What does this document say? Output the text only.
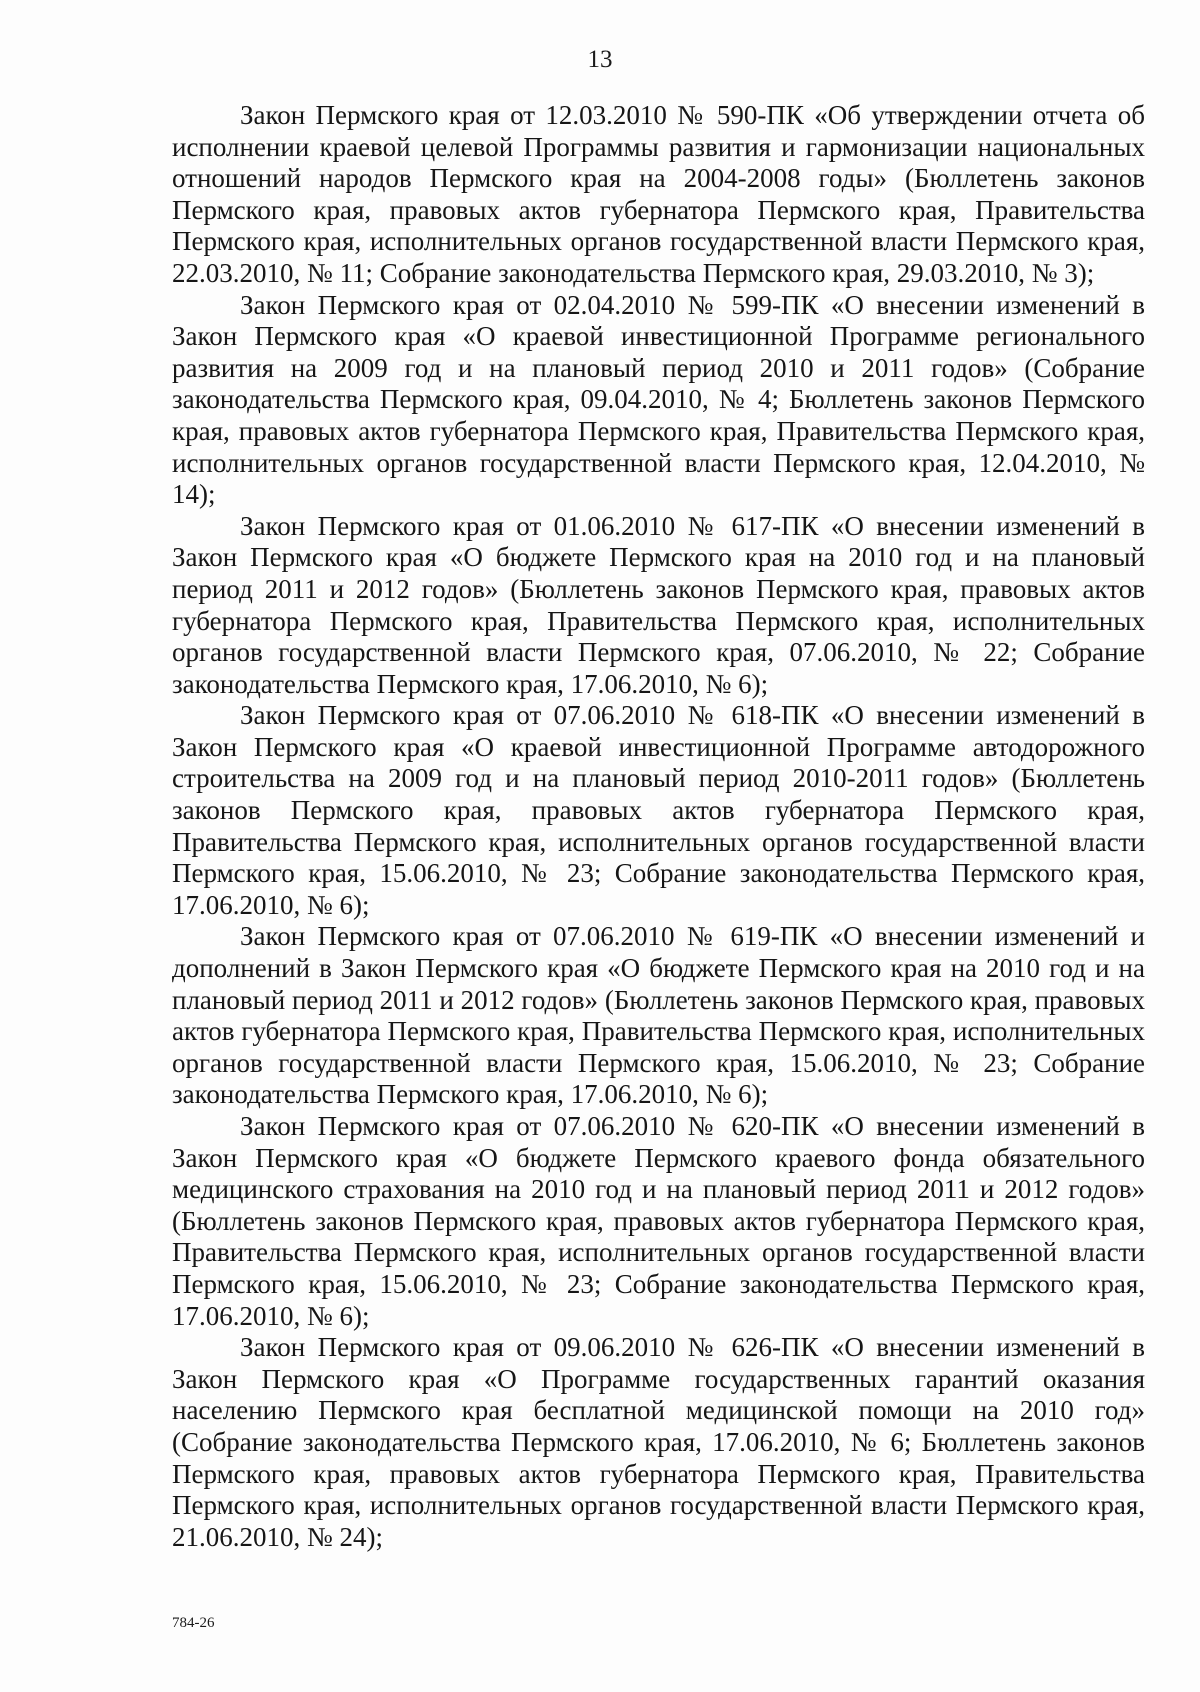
13

Закон Пермского края от 12.03.2010 № 590-ПК «Об утверждении отчета об исполнении краевой целевой Программы развития и гармонизации национальных отношений народов Пермского края на 2004-2008 годы» (Бюллетень законов Пермского края, правовых актов губернатора Пермского края, Правительства Пермского края, исполнительных органов государственной власти Пермского края, 22.03.2010, № 11; Собрание законодательства Пермского края, 29.03.2010, № 3);

Закон Пермского края от 02.04.2010 № 599-ПК «О внесении изменений в Закон Пермского края «О краевой инвестиционной Программе регионального развития на 2009 год и на плановый период 2010 и 2011 годов» (Собрание законодательства Пермского края, 09.04.2010, № 4; Бюллетень законов Пермского края, правовых актов губернатора Пермского края, Правительства Пермского края, исполнительных органов государственной власти Пермского края, 12.04.2010, № 14);

Закон Пермского края от 01.06.2010 № 617-ПК «О внесении изменений в Закон Пермского края «О бюджете Пермского края на 2010 год и на плановый период 2011 и 2012 годов» (Бюллетень законов Пермского края, правовых актов губернатора Пермского края, Правительства Пермского края, исполнительных органов государственной власти Пермского края, 07.06.2010, № 22; Собрание законодательства Пермского края, 17.06.2010, № 6);

Закон Пермского края от 07.06.2010 № 618-ПК «О внесении изменений в Закон Пермского края «О краевой инвестиционной Программе автодорожного строительства на 2009 год и на плановый период 2010-2011 годов» (Бюллетень законов Пермского края, правовых актов губернатора Пермского края, Правительства Пермского края, исполнительных органов государственной власти Пермского края, 15.06.2010, № 23; Собрание законодательства Пермского края, 17.06.2010, № 6);

Закон Пермского края от 07.06.2010 № 619-ПК «О внесении изменений и дополнений в Закон Пермского края «О бюджете Пермского края на 2010 год и на плановый период 2011 и 2012 годов» (Бюллетень законов Пермского края, правовых актов губернатора Пермского края, Правительства Пермского края, исполнительных органов государственной власти Пермского края, 15.06.2010, № 23; Собрание законодательства Пермского края, 17.06.2010, № 6);

Закон Пермского края от 07.06.2010 № 620-ПК «О внесении изменений в Закон Пермского края «О бюджете Пермского краевого фонда обязательного медицинского страхования на 2010 год и на плановый период 2011 и 2012 годов» (Бюллетень законов Пермского края, правовых актов губернатора Пермского края, Правительства Пермского края, исполнительных органов государственной власти Пермского края, 15.06.2010, № 23; Собрание законодательства Пермского края, 17.06.2010, № 6);

Закон Пермского края от 09.06.2010 № 626-ПК «О внесении изменений в Закон Пермского края «О Программе государственных гарантий оказания населению Пермского края бесплатной медицинской помощи на 2010 год» (Собрание законодательства Пермского края, 17.06.2010, № 6; Бюллетень законов Пермского края, правовых актов губернатора Пермского края, Правительства Пермского края, исполнительных органов государственной власти Пермского края, 21.06.2010, № 24);

784-26
